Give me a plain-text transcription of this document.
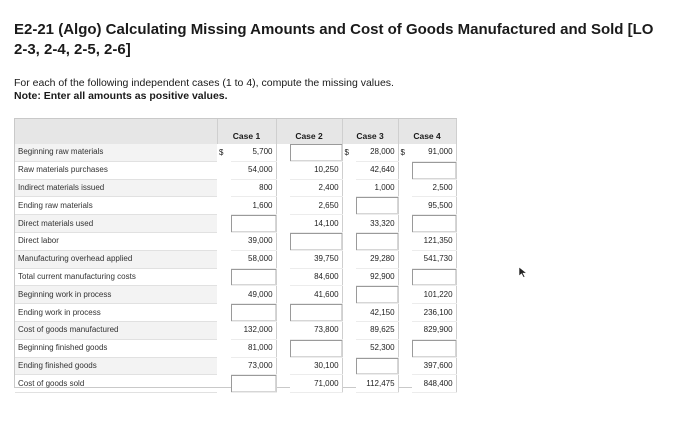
E2-21 (Algo) Calculating Missing Amounts and Cost of Goods Manufactured and Sold [LO 2-3, 2-4, 2-5, 2-6]
For each of the following independent cases (1 to 4), compute the missing values.
Note: Enter all amounts as positive values.
	Case 1		Case 2		Case 3		Case 4	
Beginning raw materials	$	5,700			$	28,000	$	91,000
Raw materials purchases		54,000		10,250		42,640		
Indirect materials issued		800		2,400		1,000		2,500
Ending raw materials		1,600		2,650				95,500
Direct materials used				14,100		33,320		
Direct labor		39,000						121,350
Manufacturing overhead applied		58,000		39,750		29,280		541,730
Total current manufacturing costs				84,600		92,900		
Beginning work in process		49,000		41,600				101,220
Ending work in process						42,150		236,100
Cost of goods manufactured		132,000		73,800		89,625		829,900
Beginning finished goods		81,000				52,300		
Ending finished goods		73,000		30,100				397,600
Cost of goods sold				71,000		112,475		848,400
